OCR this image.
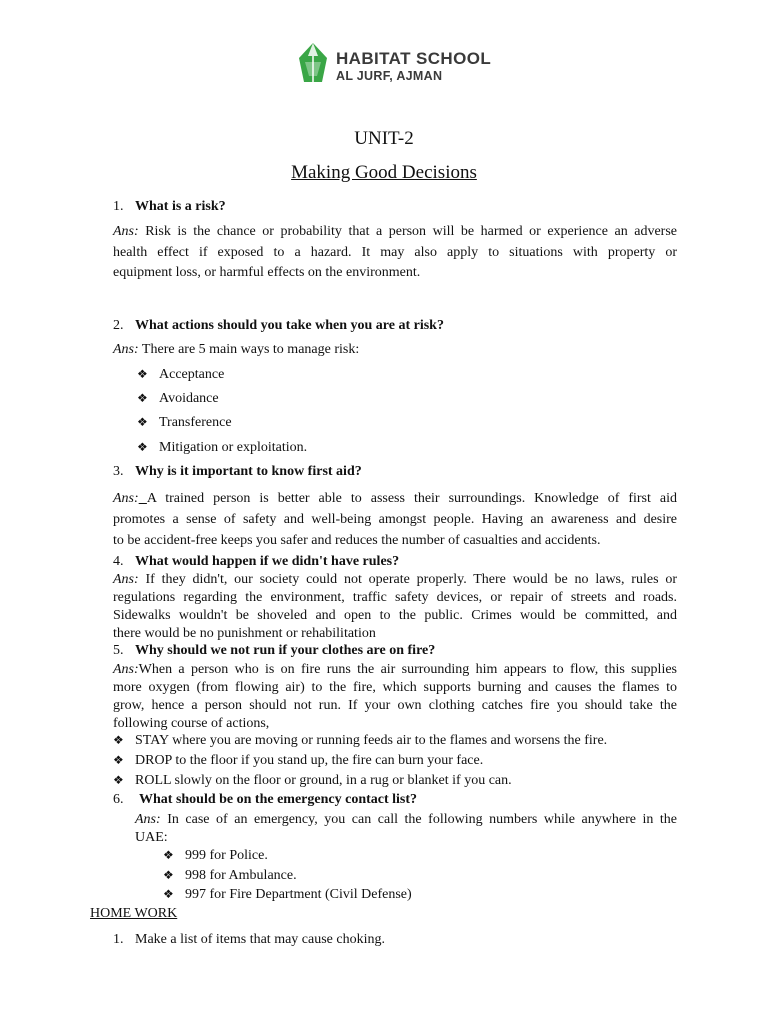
HABITAT SCHOOL
AL JURF, AJMAN
UNIT-2
Making Good Decisions
1. What is a risk?
Ans: Risk is the chance or probability that a person will be harmed or experience an adverse
health effect if exposed to a hazard. It may also apply to situations with property or
equipment loss, or harmful effects on the environment.
2. What actions should you take when you are at risk?
Ans: There are 5 main ways to manage risk:
❖ Acceptance
❖ Avoidance
❖ Transference
❖ Mitigation or exploitation.
3. Why is it important to know first aid?
Ans: A trained person is better able to assess their surroundings. Knowledge of first aid
promotes a sense of safety and well-being amongst people. Having an awareness and desire
to be accident-free keeps you safer and reduces the number of casualties and accidents.
4. What would happen if we didn't have rules?
Ans: If they didn't, our society could not operate properly. There would be no laws, rules or
regulations regarding the environment, traffic safety devices, or repair of streets and roads.
Sidewalks wouldn't be shoveled and open to the public. Crimes would be committed, and
there would be no punishment or rehabilitation
5. Why should we not run if your clothes are on fire?
Ans:When a person who is on fire runs the air surrounding him appears to flow, this supplies
more oxygen (from flowing air) to the fire, which supports burning and causes the flames to
grow, hence a person should not run. If your own clothing catches fire you should take the
following course of actions,
❖ STAY where you are moving or running feeds air to the flames and worsens the fire.
❖ DROP to the floor if you stand up, the fire can burn your face.
❖ ROLL slowly on the floor or ground, in a rug or blanket if you can.
6. What should be on the emergency contact list?
Ans: In case of an emergency, you can call the following numbers while anywhere in the
UAE:
❖ 999 for Police.
❖ 998 for Ambulance.
❖ 997 for Fire Department (Civil Defense)
HOME WORK
1. Make a list of items that may cause choking.
